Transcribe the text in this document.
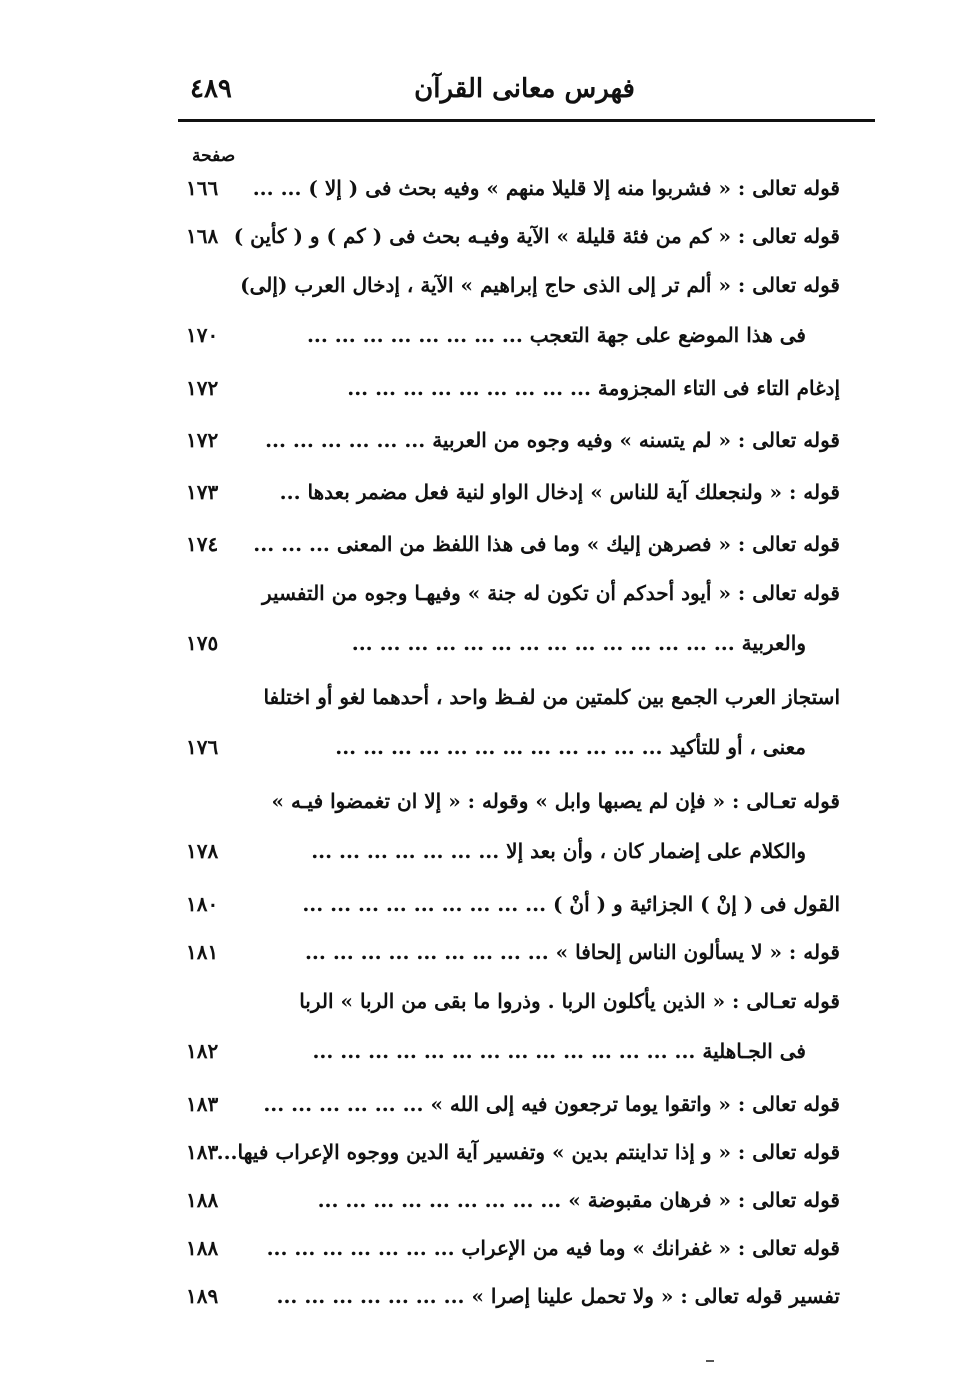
فهرس معانى القرآن
٤٨٩
صفحة
قوله تعالى : « فشربوا منه إلا قليلا منهم » وفيه بحث فى ( إلا ) ... ...
١٦٦
قوله تعالى : « كم من فئة قليلة » الآية وفيـه بحث فى ( كم ) و ( كأين )
١٦٨
قوله تعالى : « ألم تر إلى الذى حاج إبراهيم » الآية ، إدخال العرب (إلى)
فى هذا الموضع على جهة التعجب ... ... ... ... ... ... ... ...
١٧٠
إدغام التاء فى التاء المجزومة ... ... ... ... ... ... ... ... ...
١٧٢
قوله تعالى : « لم يتسنه » وفيه وجوه من العربية ... ... ... ... ... ...
١٧٢
قوله : « ولنجعلك آية للناس » إدخال الواو لنية فعل مضمر بعدها ...
١٧٣
قوله تعالى : « فصرهن إليك » وما فى هذا اللفظ من المعنى ... ... ...
١٧٤
قوله تعالى : « أيود أحدكم أن تكون له جنة » وفيهـا وجوه من التفسير
والعربية ... ... ... ... ... ... ... ... ... ... ... ... ... ...
١٧٥
استجاز العرب الجمع بين كلمتين من لفـظ واحد ، أحدهما لغو أو اختلفا
معنى ، أو للتأكيد ... ... ... ... ... ... ... ... ... ... ... ...
١٧٦
قوله تعـالى : « فإن لم يصبها وابل » وقوله : « إلا ان تغمضوا فيـه »
والكلام على إضمار كان ، وأن بعد إلا ... ... ... ... ... ... ...
١٧٨
القول فى ( إنْ ) الجزائية و ( أنْ ) ... ... ... ... ... ... ... ... ...
١٨٠
قوله : « لا يسألون الناس إلحافا » ... ... ... ... ... ... ... ... ...
١٨١
قوله تعـالى : « الذين يأكلون الربا . وذروا ما بقى من الربا » الربا
فى الجـاهلية ... ... ... ... ... ... ... ... ... ... ... ... ... ...
١٨٢
قوله تعالى : « واتقوا يوما ترجعون فيه إلى الله » ... ... ... ... ... ...
١٨٣
قوله تعالى : « و إذا تداينتم بدين » وتفسير آية الدين ووجوه الإعراب فيها...
١٨٣
قوله تعالى : « فرهان مقبوضة » ... ... ... ... ... ... ... ... ...
١٨٨
قوله تعالى : « غفرانك » وما فيه من الإعراب ... ... ... ... ... ... ...
١٨٨
تفسير قوله تعالى : « ولا تحمل علينا إصرا » ... ... ... ... ... ... ...
١٨٩
